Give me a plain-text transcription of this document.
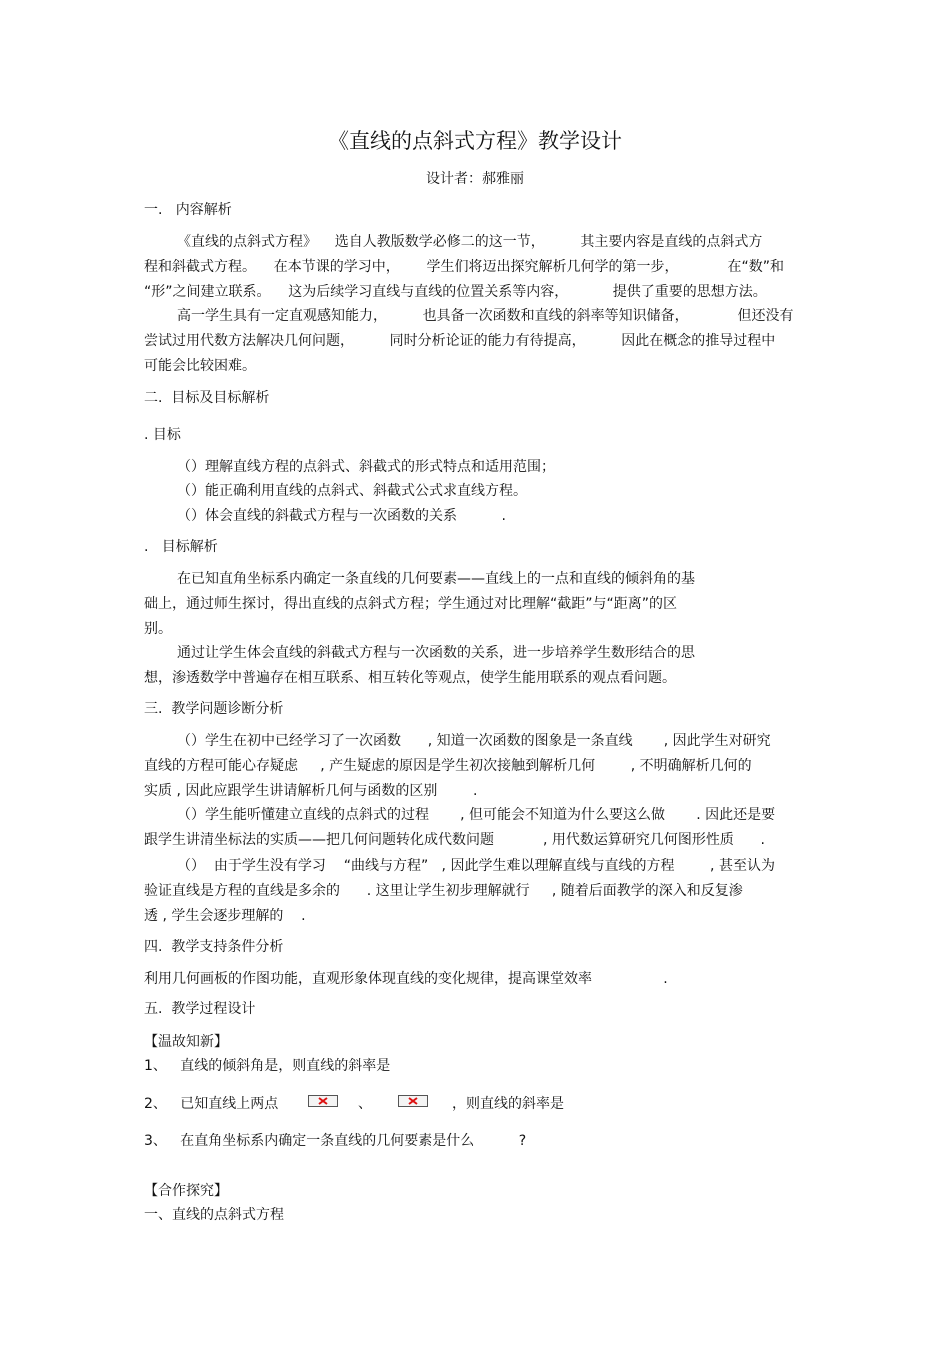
《直线的点斜式方程》教学设计
设计者：郝雅丽
一.   内容解析
《直线的点斜式方程》    选自人教版数学必修二的这一节，        其主要内容是直线的点斜式方
程和斜截式方程。    在本节课的学习中，      学生们将迈出探究解析几何学的第一步，           在“数”和
“形”之间建立联系。    这为后续学习直线与直线的位置关系等内容，          提供了重要的思想方法。
高一学生具有一定直观感知能力，        也具备一次函数和直线的斜率等知识储备，           但还没有
尝试过用代数方法解决几何问题，        同时分析论证的能力有待提高，        因此在概念的推导过程中
可能会比较困难。
二.  目标及目标解析
. 目标
（）理解直线方程的点斜式、斜截式的形式特点和适用范围；
（）能正确利用直线的点斜式、斜截式公式求直线方程。
（）体会直线的斜截式方程与一次函数的关系          .
.   目标解析
在已知直角坐标系内确定一条直线的几何要素——直线上的一点和直线的倾斜角的基
础上，通过师生探讨，得出直线的点斜式方程；学生通过对比理解“截距”与“距离”的区
别。
通过让学生体会直线的斜截式方程与一次函数的关系，进一步培养学生数形结合的思
想，渗透数学中普遍存在相互联系、相互转化等观点，使学生能用联系的观点看问题。
三.  教学问题诊断分析
（）学生在初中已经学习了一次函数      , 知道一次函数的图象是一条直线       , 因此学生对研究
直线的方程可能心存疑虑     , 产生疑虑的原因是学生初次接触到解析几何        , 不明确解析几何的
实质 , 因此应跟学生讲请解析几何与函数的区别        .
（）学生能听懂建立直线的点斜式的过程       , 但可能会不知道为什么要这么做       . 因此还是要
跟学生讲清坐标法的实质——把几何问题转化成代数问题           , 用代数运算研究几何图形性质      .
（）  由于学生没有学习    “曲线与方程”   , 因此学生难以理解直线与直线的方程        , 甚至认为
验证直线是方程的直线是多余的      . 这里让学生初步理解就行     , 随着后面教学的深入和反复渗
透 , 学生会逐步理解的    .
四.  教学支持条件分析
利用几何画板的作图功能，直观形象体现直线的变化规律，提高课堂效率                .
五.  教学过程设计
【温故知新】
1、   直线的倾斜角是，则直线的斜率是
2、   已知直线上两点	、	，则直线的斜率是
3、   在直角坐标系内确定一条直线的几何要素是什么          ?
【合作探究】
一、直线的点斜式方程
